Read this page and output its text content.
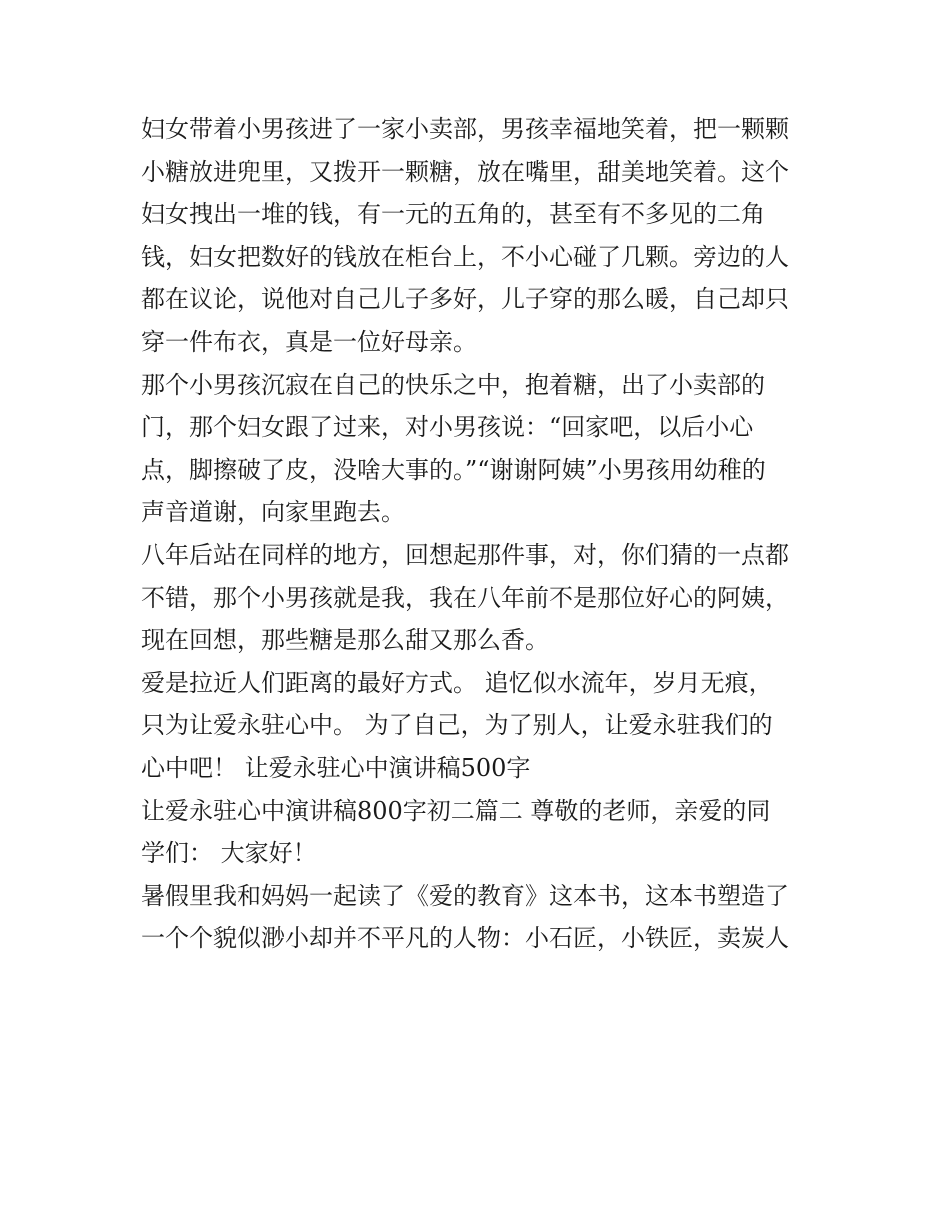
妇女带着小男孩进了一家小卖部，男孩幸福地笑着，把一颗颗
小糖放进兜里，又拨开一颗糖，放在嘴里，甜美地笑着。这个
妇女拽出一堆的钱，有一元的五角的，甚至有不多见的二角
钱，妇女把数好的钱放在柜台上，不小心碰了几颗。旁边的人
都在议论，说他对自己儿子多好，儿子穿的那么暖，自己却只
穿一件布衣，真是一位好母亲。
那个小男孩沉寂在自己的快乐之中，抱着糖，出了小卖部的
门，那个妇女跟了过来，对小男孩说：“回家吧，以后小心
点，脚擦破了皮，没啥大事的。”“谢谢阿姨”小男孩用幼稚的
声音道谢，向家里跑去。
八年后站在同样的地方，回想起那件事，对，你们猜的一点都
不错，那个小男孩就是我，我在八年前不是那位好心的阿姨，
现在回想，那些糖是那么甜又那么香。
爱是拉近人们距离的最好方式。 追忆似水流年，岁月无痕，
只为让爱永驻心中。 为了自己，为了别人，让爱永驻我们的
心中吧！ 让爱永驻心中演讲稿500字
让爱永驻心中演讲稿800字初二篇二 尊敬的老师，亲爱的同
学们： 大家好！
暑假里我和妈妈一起读了《爱的教育》这本书，这本书塑造了
一个个貌似渺小却并不平凡的人物：小石匠，小铁匠，卖炭人
